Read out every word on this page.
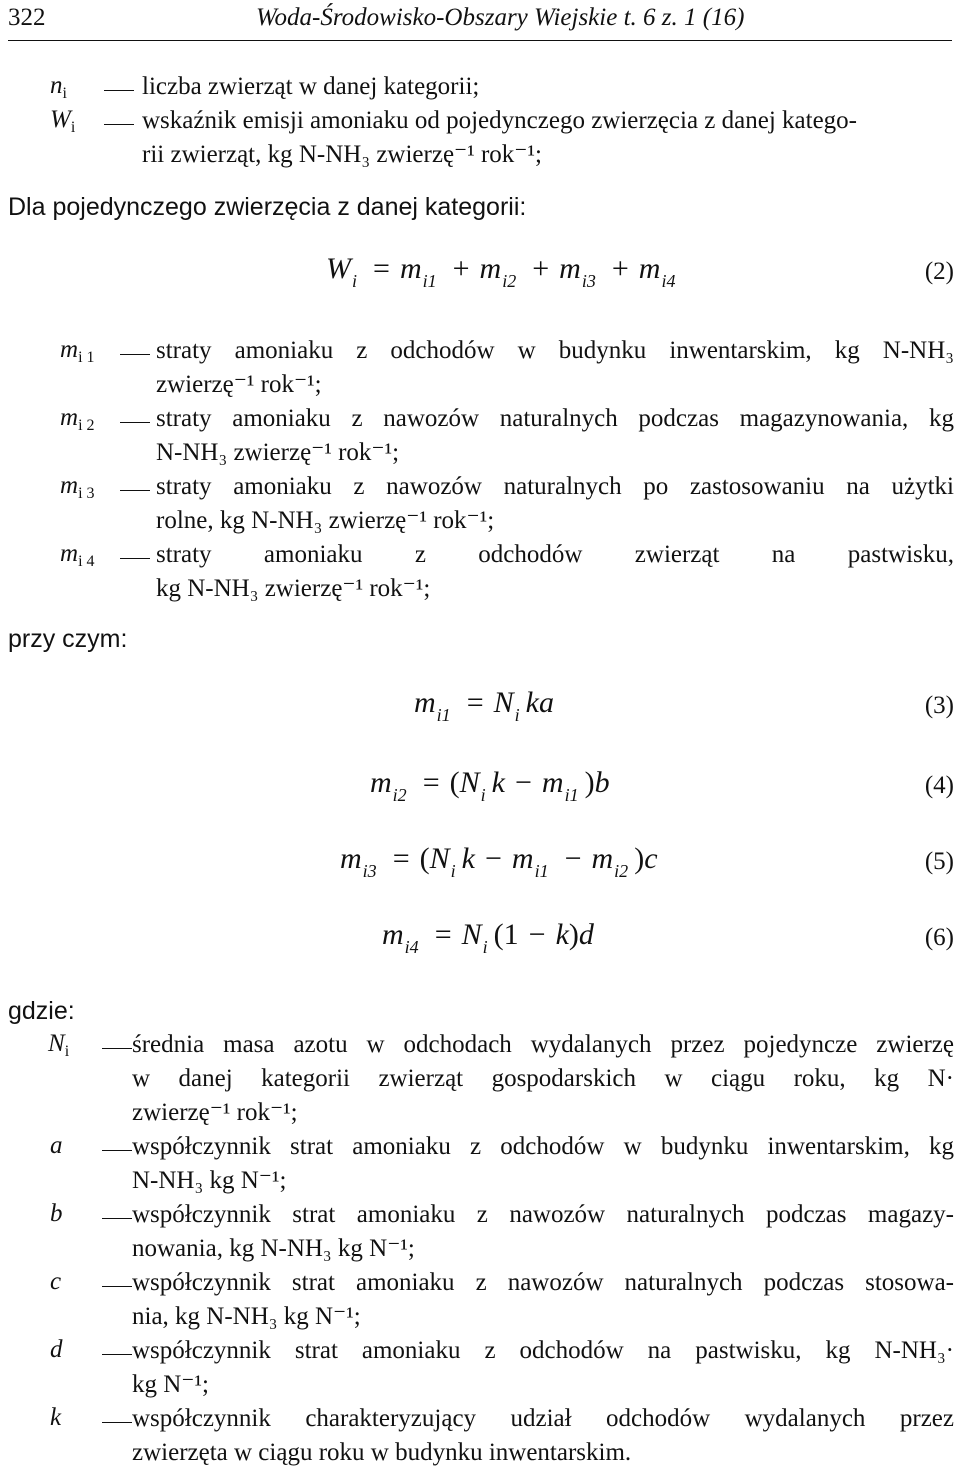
322	Woda-Środowisko-Obszary Wiejskie t. 6 z. 1 (16)
$n_i$	liczba zwierząt w danej kategorii;
$W_i$	wskaźnik emisji amoniaku od pojedynczego zwierzęcia z danej katego-
rii zwierząt, kg N-NH₃ zwierzę⁻¹ rok⁻¹;
Dla pojedynczego zwierzęcia z danej kategorii:
$W_i = m_{i1} + m_{i2} + m_{i3} + m_{i4}$	(2)
$m_{i 1}$ straty amoniaku z odchodów w budynku inwentarskim, kg N-NH₃
zwierzę⁻¹ rok⁻¹;
$m_{i 2}$ straty amoniaku z nawozów naturalnych podczas magazynowania, kg
N-NH₃ zwierzę⁻¹ rok⁻¹;
$m_{i 3}$ straty amoniaku z nawozów naturalnych po zastosowaniu na użytki
rolne, kg N-NH₃ zwierzę⁻¹ rok⁻¹;
$m_{i 4}$ straty amoniaku z odchodów zwierząt na pastwisku,
kg N-NH₃ zwierzę⁻¹ rok⁻¹;
przy czym:
$m_{i1} = N_i$ ka	(3)
$m_{i2} = (N_i$ $k - m_{i1}$ )b	(4)
$m_{i3} = (N_i$ $k - m_{i1} - m_{i2}$ )c	(5)
$m_{i4} = N_i$ (1 − k)d	(6)
gdzie:
$N_i$	średnia masa azotu w odchodach wydalanych przez pojedyncze zwierzę
w danej kategorii zwierząt gospodarskich w ciągu roku, kg N·
zwierzę⁻¹ rok⁻¹;
a	współczynnik strat amoniaku z odchodów w budynku inwentarskim, kg
N-NH₃ kg N⁻¹;
b	współczynnik strat amoniaku z nawozów naturalnych podczas magazy-
nowania, kg N-NH₃ kg N⁻¹;
c	współczynnik strat amoniaku z nawozów naturalnych podczas stosowa-
nia, kg N-NH₃ kg N⁻¹;
d	współczynnik strat amoniaku z odchodów na pastwisku, kg N-NH₃·
kg N⁻¹;
k	współczynnik charakteryzujący udział odchodów wydalanych przez
zwierzęta w ciągu roku w budynku inwentarskim.
